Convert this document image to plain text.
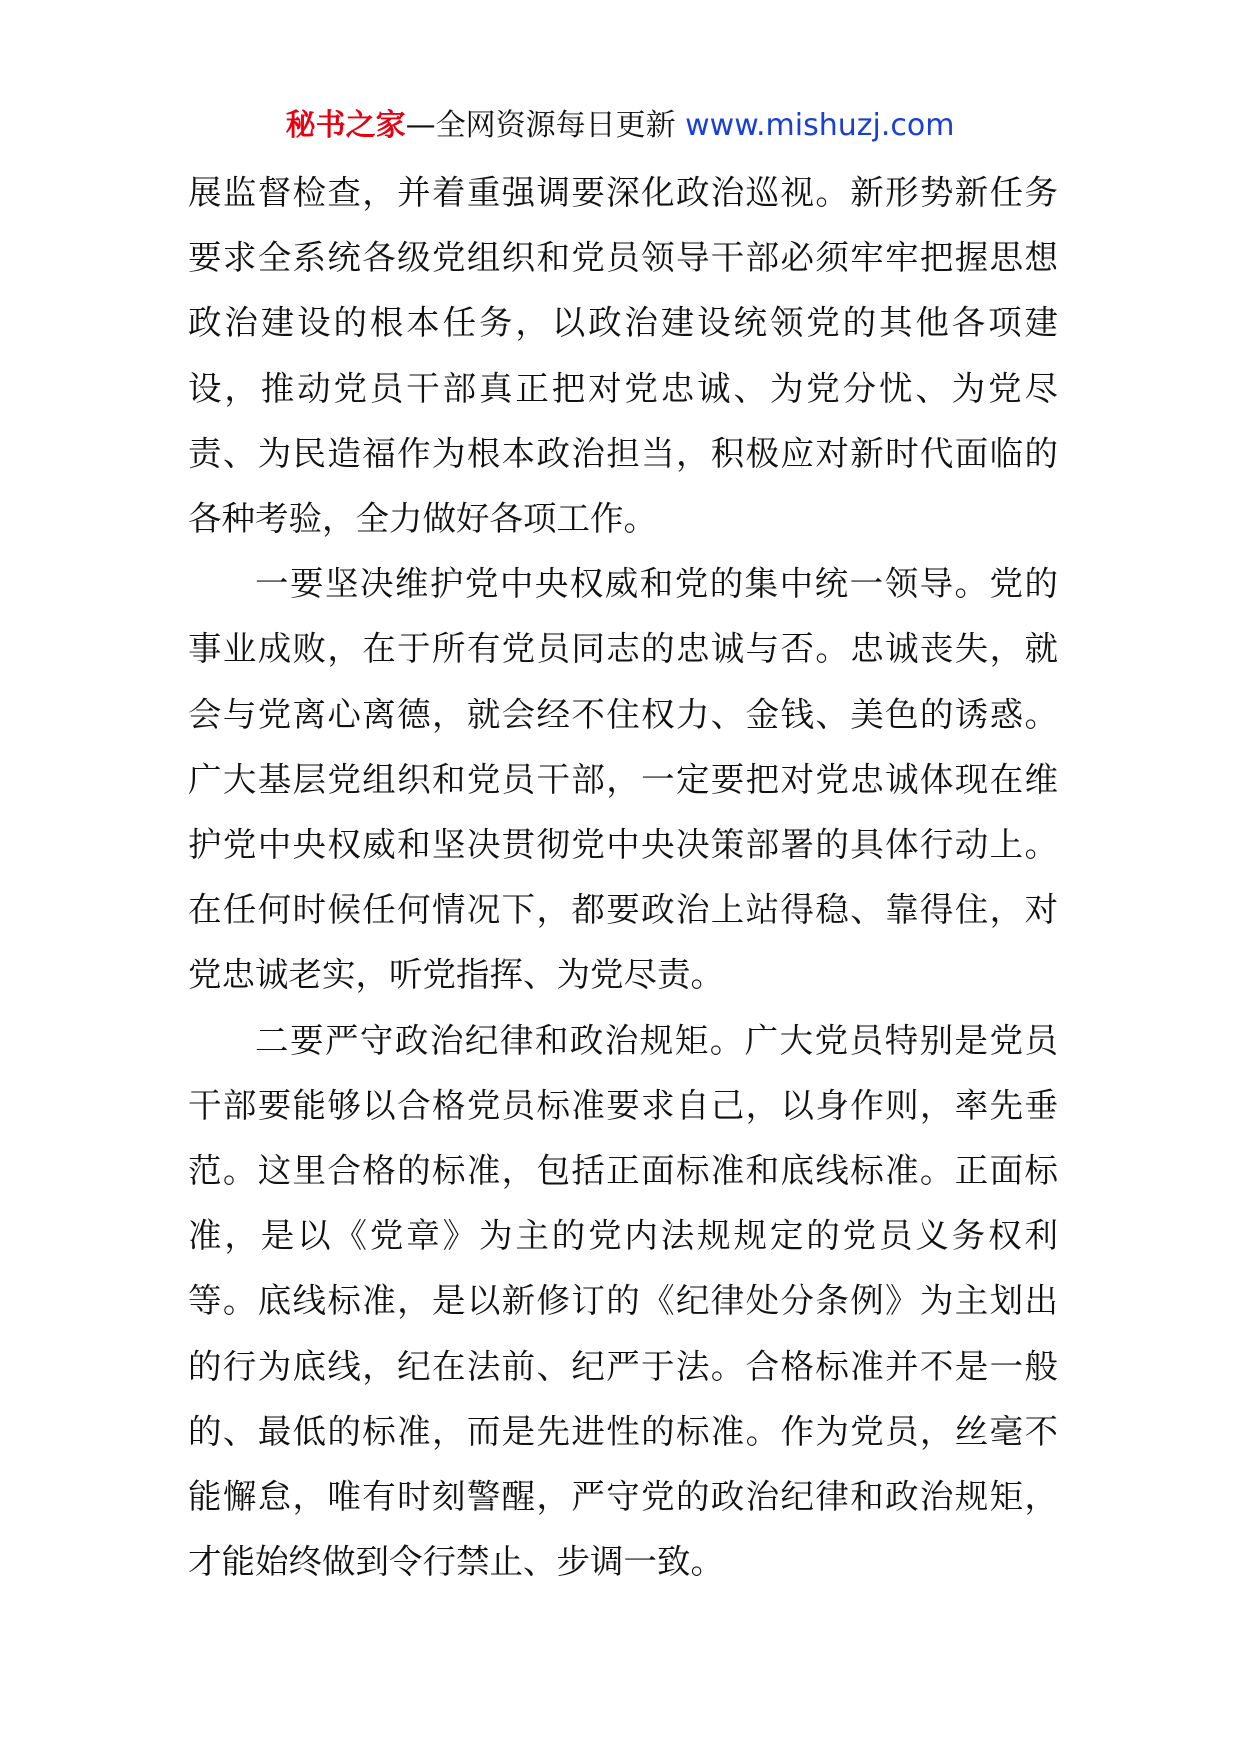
秘书之家—全网资源每日更新 www.mishuzj.com

展监督检查，并着重强调要深化政治巡视。新形势新任务要求全系统各级党组织和党员领导干部必须牢牢把握思想政治建设的根本任务，以政治建设统领党的其他各项建设，推动党员干部真正把对党忠诚、为党分忧、为党尽责、为民造福作为根本政治担当，积极应对新时代面临的各种考验，全力做好各项工作。

一要坚决维护党中央权威和党的集中统一领导。党的事业成败，在于所有党员同志的忠诚与否。忠诚丧失，就会与党离心离德，就会经不住权力、金钱、美色的诱惑。广大基层党组织和党员干部，一定要把对党忠诚体现在维护党中央权威和坚决贯彻党中央决策部署的具体行动上。在任何时候任何情况下，都要政治上站得稳、靠得住，对党忠诚老实，听党指挥、为党尽责。

二要严守政治纪律和政治规矩。广大党员特别是党员干部要能够以合格党员标准要求自己，以身作则，率先垂范。这里合格的标准，包括正面标准和底线标准。正面标准，是以《党章》为主的党内法规规定的党员义务权利等。底线标准，是以新修订的《纪律处分条例》为主划出的行为底线，纪在法前、纪严于法。合格标准并不是一般的、最低的标准，而是先进性的标准。作为党员，丝毫不能懈怠，唯有时刻警醒，严守党的政治纪律和政治规矩，才能始终做到令行禁止、步调一致。
